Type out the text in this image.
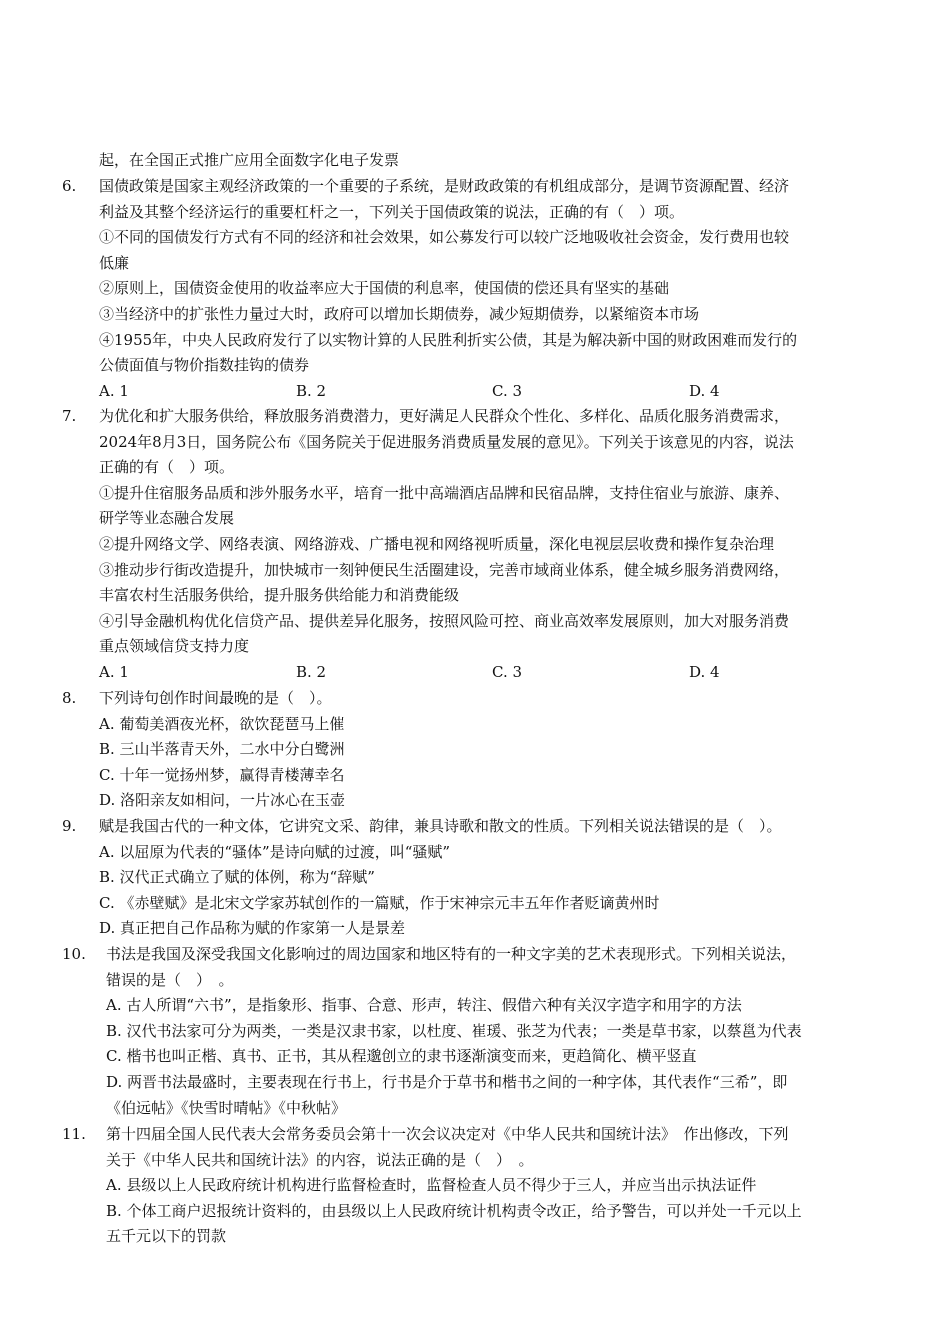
起，在全国正式推广应用全面数字化电子发票
6. 国债政策是国家主观经济政策的一个重要的子系统，是财政政策的有机组成部分，是调节资源配置、经济
利益及其整个经济运行的重要杠杆之一，下列关于国债政策的说法，正确的有（　）项。
①不同的国债发行方式有不同的经济和社会效果，如公募发行可以较广泛地吸收社会资金，发行费用也较
低廉
②原则上，国债资金使用的收益率应大于国债的利息率，使国债的偿还具有坚实的基础
③当经济中的扩张性力量过大时，政府可以增加长期债券，减少短期债券，以紧缩资本市场
④1955年，中央人民政府发行了以实物计算的人民胜利折实公债，其是为解决新中国的财政困难而发行的
公债面值与物价指数挂钩的债券
A. 1	B. 2	C. 3	D. 4
7. 为优化和扩大服务供给，释放服务消费潜力，更好满足人民群众个性化、多样化、品质化服务消费需求，
2024年8月3日，国务院公布《国务院关于促进服务消费质量发展的意见》。下列关于该意见的内容，说法
正确的有（　）项。
①提升住宿服务品质和涉外服务水平，培育一批中高端酒店品牌和民宿品牌，支持住宿业与旅游、康养、
研学等业态融合发展
②提升网络文学、网络表演、网络游戏、广播电视和网络视听质量，深化电视层层收费和操作复杂治理
③推动步行街改造提升，加快城市一刻钟便民生活圈建设，完善市域商业体系，健全城乡服务消费网络，
丰富农村生活服务供给，提升服务供给能力和消费能级
④引导金融机构优化信贷产品、提供差异化服务，按照风险可控、商业高效率发展原则，加大对服务消费
重点领域信贷支持力度
A. 1	B. 2	C. 3	D. 4
8. 下列诗句创作时间最晚的是（　）。
A. 葡萄美酒夜光杯，欲饮琵琶马上催
B. 三山半落青天外，二水中分白鹭洲
C. 十年一觉扬州梦，赢得青楼薄幸名
D. 洛阳亲友如相问，一片冰心在玉壶
9. 赋是我国古代的一种文体，它讲究文采、韵律，兼具诗歌和散文的性质。下列相关说法错误的是（　）。
A. 以屈原为代表的“骚体”是诗向赋的过渡，叫“骚赋”
B. 汉代正式确立了赋的体例，称为“辞赋”
C. 《赤壁赋》是北宋文学家苏轼创作的一篇赋，作于宋神宗元丰五年作者贬谪黄州时
D. 真正把自己作品称为赋的作家第一人是景差
10. 书法是我国及深受我国文化影响过的周边国家和地区特有的一种文字美的艺术表现形式。下列相关说法，
错误的是（　）　。
A. 古人所谓“六书”，是指象形、指事、合意、形声，转注、假借六种有关汉字造字和用字的方法
B. 汉代书法家可分为两类，一类是汉隶书家，以杜度、崔瑗、张芝为代表；一类是草书家，以蔡邕为代表
C. 楷书也叫正楷、真书、正书，其从程邈创立的隶书逐渐演变而来，更趋简化、横平竖直
D. 两晋书法最盛时，主要表现在行书上，行书是介于草书和楷书之间的一种字体，其代表作“三希”，即
《伯远帖》《快雪时晴帖》《中秋帖》
11. 第十四届全国人民代表大会常务委员会第十一次会议决定对《中华人民共和国统计法》　作出修改，下列
关于《中华人民共和国统计法》的内容，说法正确的是（　）　。
A. 县级以上人民政府统计机构进行监督检查时，监督检查人员不得少于三人，并应当出示执法证件
B. 个体工商户迟报统计资料的，由县级以上人民政府统计机构责令改正，给予警告，可以并处一千元以上
五千元以下的罚款
